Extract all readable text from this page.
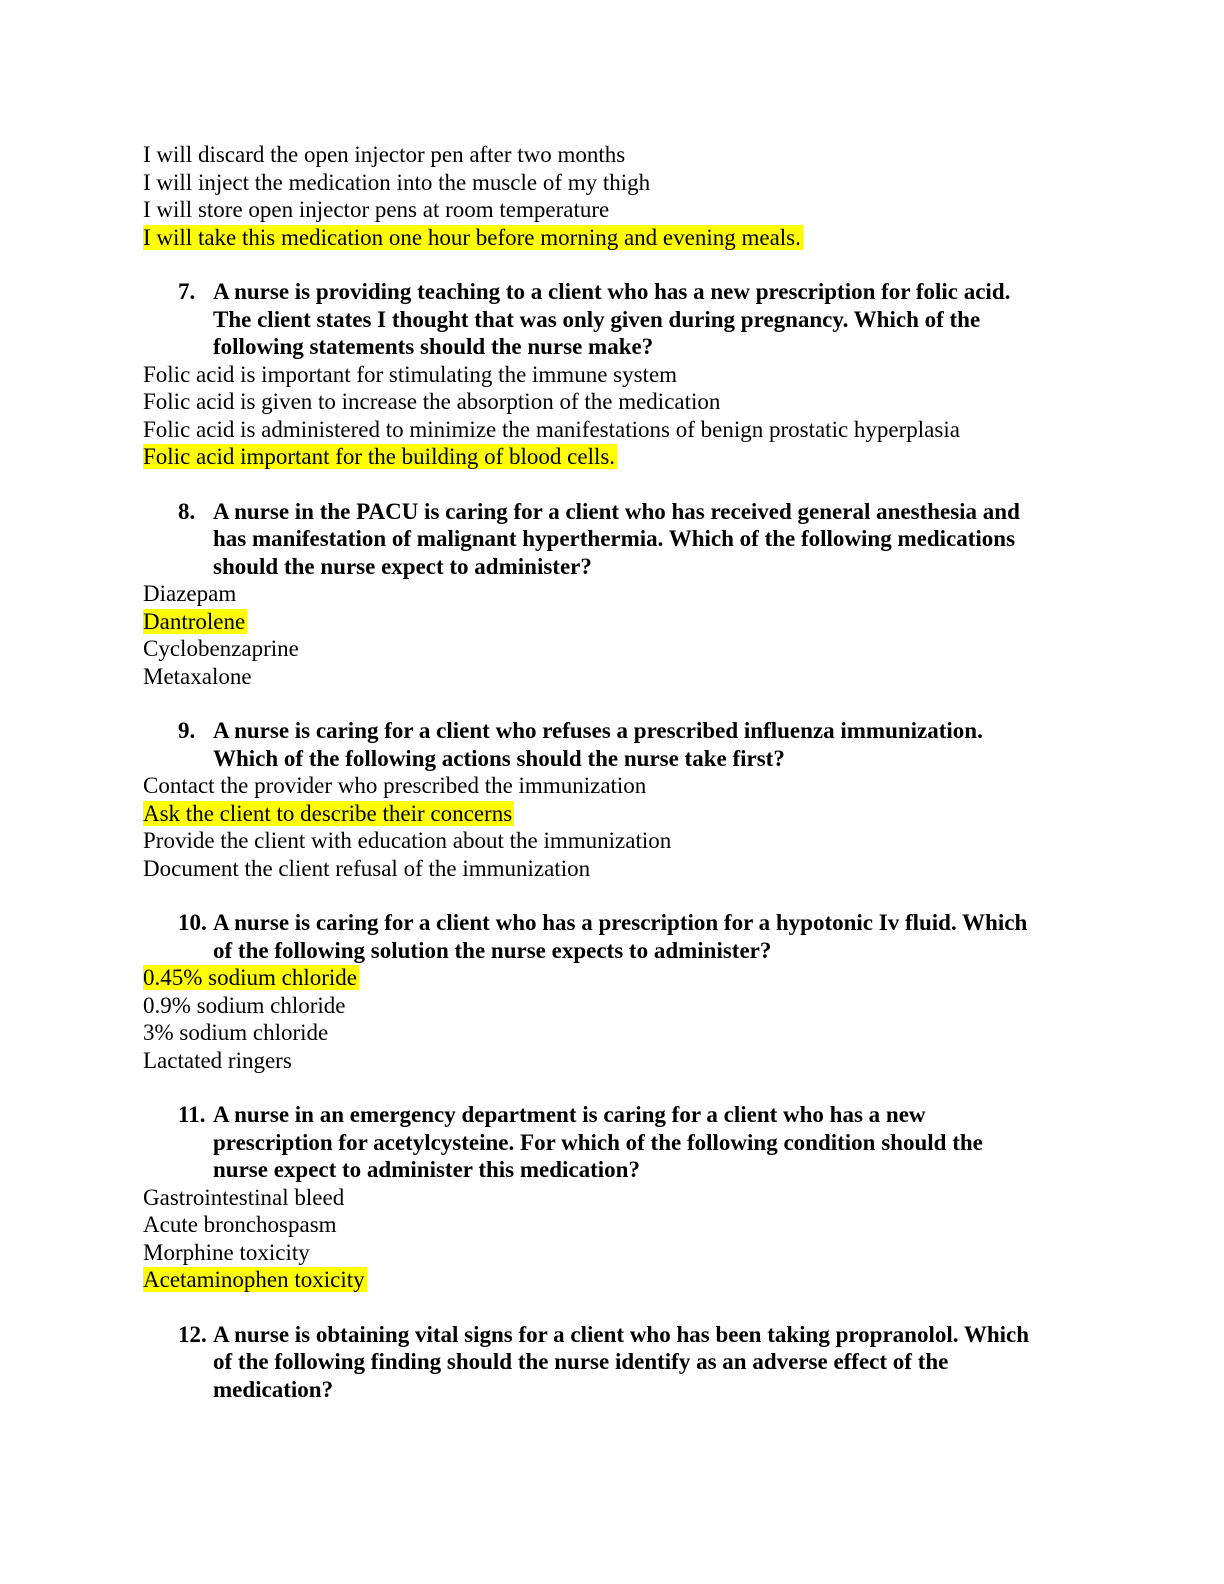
I will discard the open injector pen after two months
I will inject the medication into the muscle of my thigh
I will store open injector pens at room temperature
I will take this medication one hour before morning and evening meals.
7. A nurse is providing teaching to a client who has a new prescription for folic acid.
The client states I thought that was only given during pregnancy. Which of the
following statements should the nurse make?
Folic acid is important for stimulating the immune system
Folic acid is given to increase the absorption of the medication
Folic acid is administered to minimize the manifestations of benign prostatic hyperplasia
Folic acid important for the building of blood cells.
8. A nurse in the PACU is caring for a client who has received general anesthesia and
has manifestation of malignant hyperthermia. Which of the following medications
should the nurse expect to administer?
Diazepam
Dantrolene
Cyclobenzaprine
Metaxalone
9. A nurse is caring for a client who refuses a prescribed influenza immunization.
Which of the following actions should the nurse take first?
Contact the provider who prescribed the immunization
Ask the client to describe their concerns
Provide the client with education about the immunization
Document the client refusal of the immunization
10. A nurse is caring for a client who has a prescription for a hypotonic Iv fluid. Which
of the following solution the nurse expects to administer?
0.45% sodium chloride
0.9% sodium chloride
3% sodium chloride
Lactated ringers
11. A nurse in an emergency department is caring for a client who has a new
prescription for acetylcysteine. For which of the following condition should the
nurse expect to administer this medication?
Gastrointestinal bleed
Acute bronchospasm
Morphine toxicity
Acetaminophen toxicity
12. A nurse is obtaining vital signs for a client who has been taking propranolol. Which
of the following finding should the nurse identify as an adverse effect of the
medication?
